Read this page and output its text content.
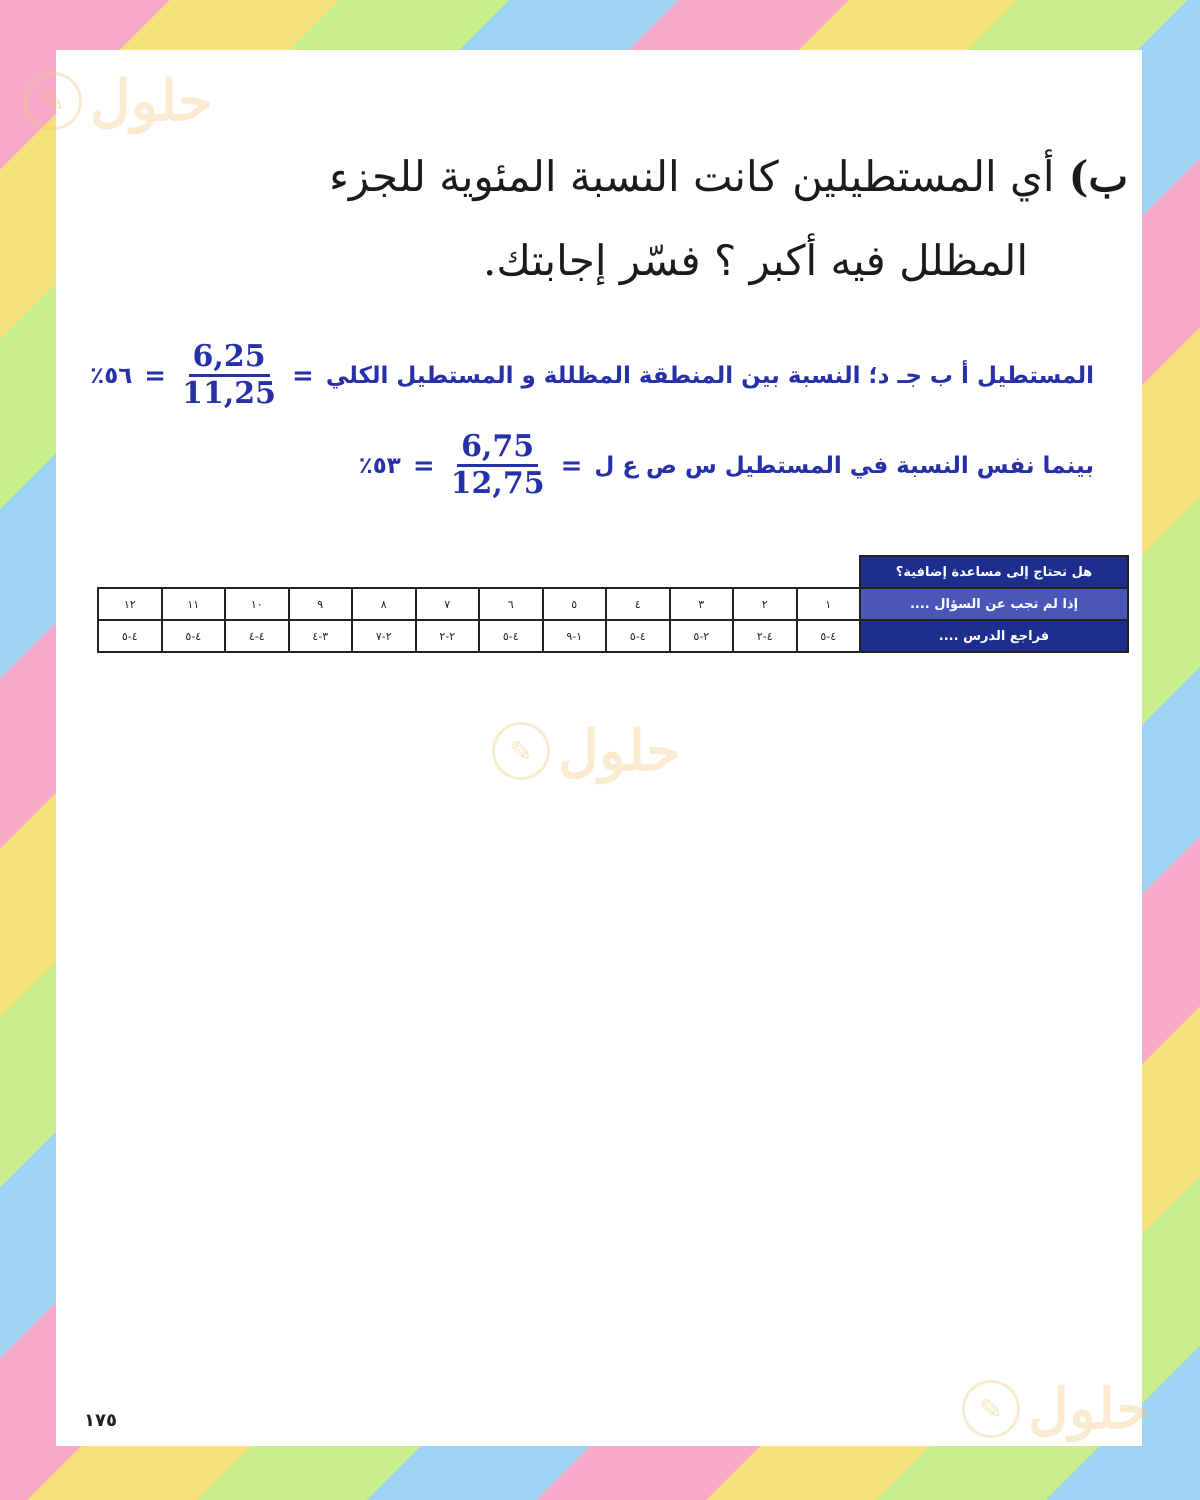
✎ حلول
✎ حلول
✎ حلول
ب)أي المستطيلين كانت النسبة المئوية للجزء
المظلل فيه أكبر ؟ فسّر إجابتك.
المستطيل أ ب جـ د؛ النسبة بين المنطقة المظللة و المستطيل الكلي
=
$\frac{6,25}{11,25}$
=
٥٦٪
بينما نفس النسبة في المستطيل س ص ع ل
=
$\frac{6,75}{12,75}$
=
٥٣٪
هل تحتاج إلى مساعدة إضافية؟												
إذا لم تجب عن السؤال ....	١	٢	٣	٤	٥	٦	٧	٨	٩	١٠	١١	١٢
فراجع الدرس ....	٤-٥	٤-٢	٢-٥	٤-٥	١-٩	٤-٥	٢-٢	٢-٧	٣-٤	٤-٤	٤-٥	٤-٥
١٧٥
